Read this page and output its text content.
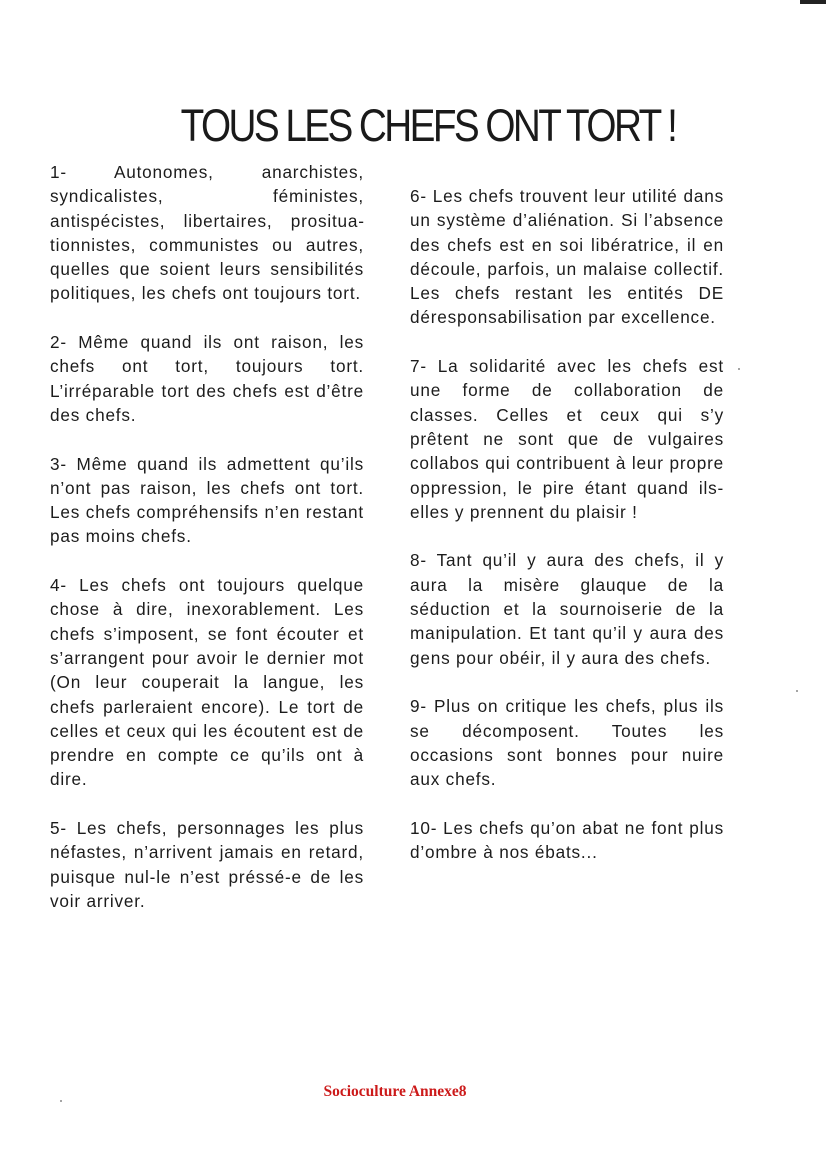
TOUS LES CHEFS ONT TORT !

1- Autonomes, anarchistes, syndicalistes, féministes, antispécistes, libertaires, prosituationnistes, communistes ou autres, quelles que soient leurs sensibilités politiques, les chefs ont toujours tort.

2- Même quand ils ont raison, les chefs ont tort, toujours tort. L’irréparable tort des chefs est d’être des chefs.

3- Même quand ils admettent qu’ils n’ont pas raison, les chefs ont tort. Les chefs compréhensifs n’en restant pas moins chefs.

4- Les chefs ont toujours quelque chose à dire, inexorablement. Les chefs s’imposent, se font écouter et s’arrangent pour avoir le dernier mot (On leur couperait la langue, les chefs parleraient encore). Le tort de celles et ceux qui les écoutent est de prendre en compte ce qu’ils ont à dire.

5- Les chefs, personnages les plus néfastes, n’arrivent jamais en retard, puisque nul-le n’est préssé-e de les voir arriver.

6- Les chefs trouvent leur utilité dans un système d’aliénation. Si l’absence des chefs est en soi libératrice, il en découle, parfois, un malaise collectif. Les chefs restant les entités DE déresponsabilisation par excellence.

7- La solidarité avec les chefs est une forme de collaboration de classes. Celles et ceux qui s’y prêtent ne sont que de vulgaires collabos qui contribuent à leur propre oppression, le pire étant quand ils-elles y prennent du plaisir !

8- Tant qu’il y aura des chefs, il y aura la misère glauque de la séduction et la sournoiserie de la manipulation. Et tant qu’il y aura des gens pour obéir, il y aura des chefs.

9- Plus on critique les chefs, plus ils se décomposent. Toutes les occasions sont bonnes pour nuire aux chefs.

10- Les chefs qu’on abat ne font plus d’ombre à nos ébats...

Socioculture Annexe8
